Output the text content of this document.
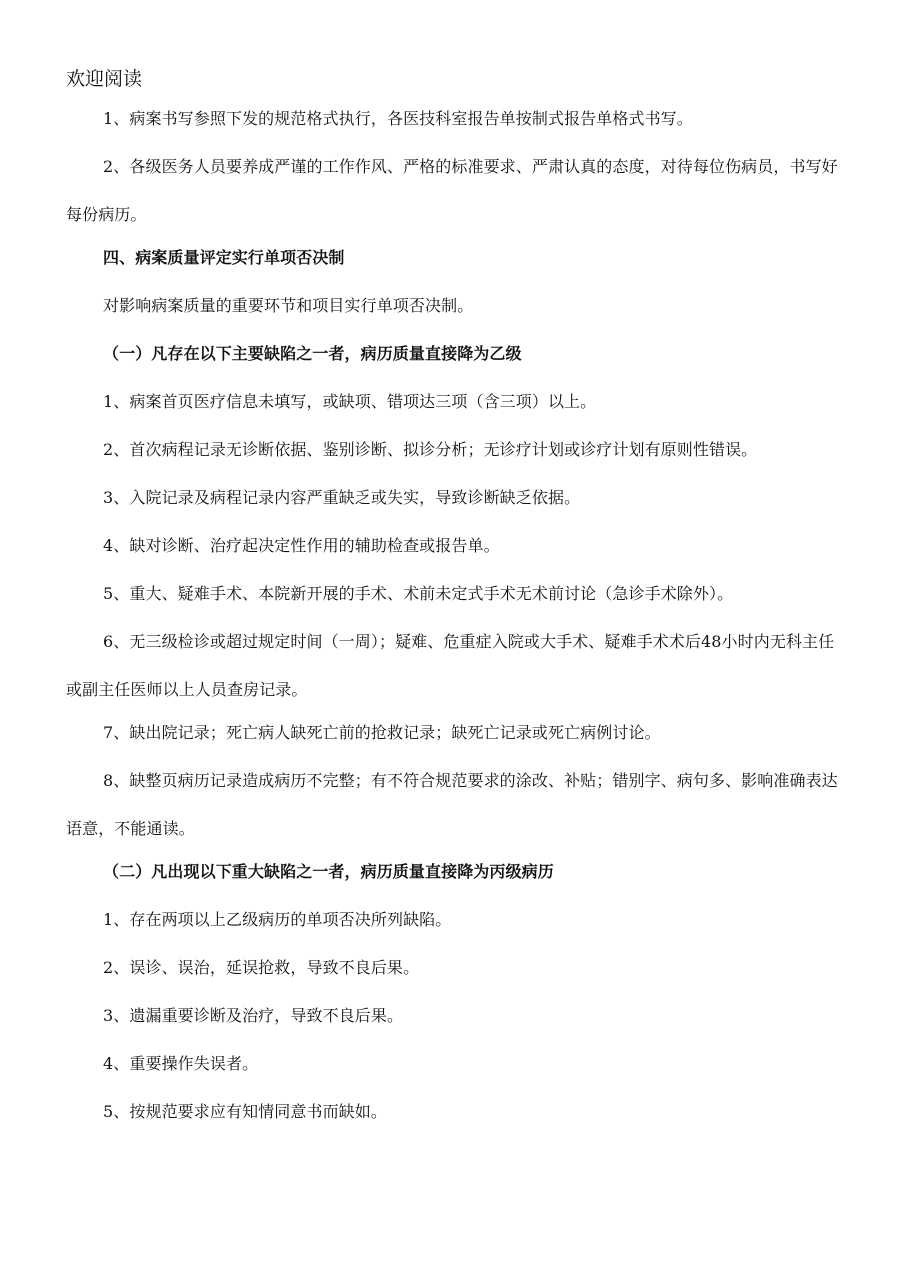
欢迎阅读

1、病案书写参照下发的规范格式执行，各医技科室报告单按制式报告单格式书写。

2、各级医务人员要养成严谨的工作作风、严格的标准要求、严肃认真的态度，对待每位伤病员，书写好每份病历。

四、病案质量评定实行单项否决制

对影响病案质量的重要环节和项目实行单项否决制。

（一）凡存在以下主要缺陷之一者，病历质量直接降为乙级

1、病案首页医疗信息未填写，或缺项、错项达三项（含三项）以上。

2、首次病程记录无诊断依据、鉴别诊断、拟诊分析；无诊疗计划或诊疗计划有原则性错误。

3、入院记录及病程记录内容严重缺乏或失实，导致诊断缺乏依据。

4、缺对诊断、治疗起决定性作用的辅助检查或报告单。

5、重大、疑难手术、本院新开展的手术、术前未定式手术无术前讨论（急诊手术除外）。

6、无三级检诊或超过规定时间（一周）；疑难、危重症入院或大手术、疑难手术术后48小时内无科主任或副主任医师以上人员查房记录。

7、缺出院记录；死亡病人缺死亡前的抢救记录；缺死亡记录或死亡病例讨论。

8、缺整页病历记录造成病历不完整；有不符合规范要求的涂改、补贴；错别字、病句多、影响准确表达语意，不能通读。

（二）凡出现以下重大缺陷之一者，病历质量直接降为丙级病历

1、存在两项以上乙级病历的单项否决所列缺陷。

2、误诊、误治，延误抢救，导致不良后果。

3、遗漏重要诊断及治疗，导致不良后果。

4、重要操作失误者。

5、按规范要求应有知情同意书而缺如。
